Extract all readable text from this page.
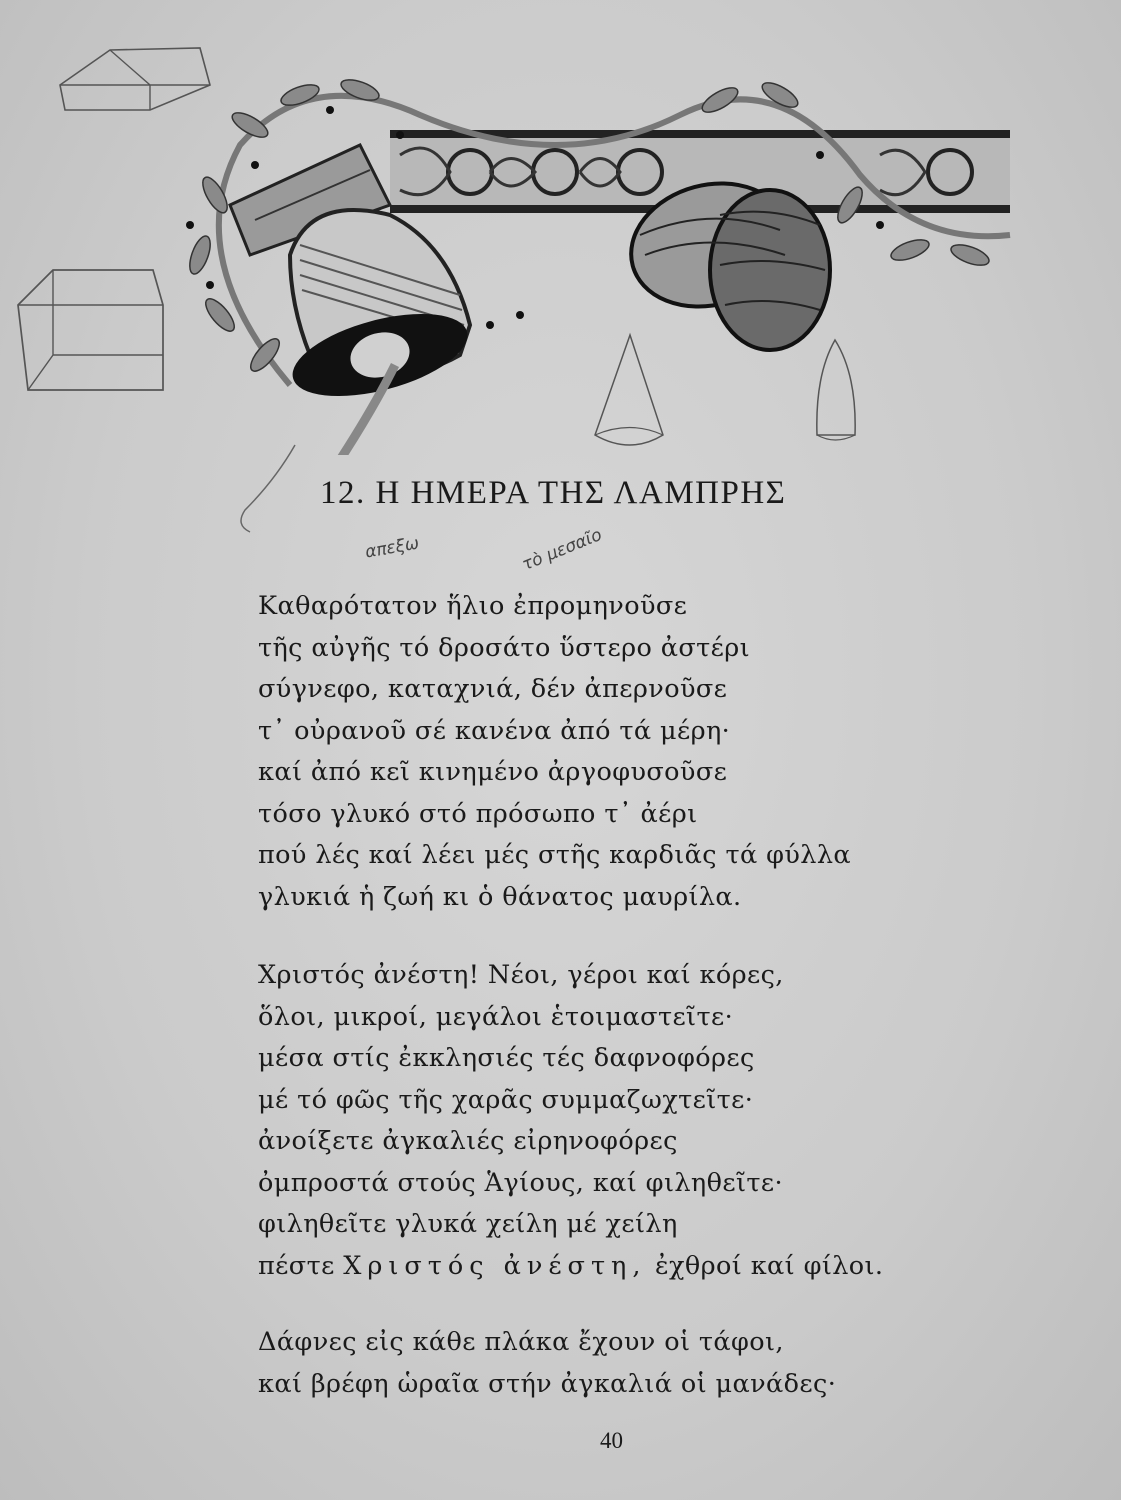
12. Η ΗΜΕΡΑ ΤΗΣ ΛΑΜΠΡΗΣ
απεξω	τὸ μεσαῖο
Καθαρότατον ἥλιο ἐπρομηνοῦσε
τῆς αὐγῆς τό δροσάτο ὕστερο ἀστέρι
σύγνεφο, καταχνιά, δέν ἀπερνοῦσε
τ᾽ οὐρανοῦ σέ κανένα ἀπό τά μέρη·
καί ἀπό κεῖ κινημένο ἀργοφυσοῦσε
τόσο γλυκό στό πρόσωπο τ᾽ ἀέρι
πού λές καί λέει μές στῆς καρδιᾶς τά φύλλα
γλυκιά ἡ ζωή κι ὁ θάνατος μαυρίλα.
Χριστός ἀνέστη! Νέοι, γέροι καί κόρες,
ὅλοι, μικροί, μεγάλοι ἑτοιμαστεῖτε·
μέσα στίς ἐκκλησιές τές δαφνοφόρες
μέ τό φῶς τῆς χαρᾶς συμμαζωχτεῖτε·
ἀνοίξετε ἀγκαλιές εἰρηνοφόρες
ὀμπροστά στούς Ἁγίους, καί φιληθεῖτε·
φιληθεῖτε γλυκά χείλη μέ χείλη
πέστε Χριστός ἀνέστη, ἐχθροί καί φίλοι.
Δάφνες εἰς κάθε πλάκα ἔχουν οἱ τάφοι,
καί βρέφη ὡραῖα στήν ἀγκαλιά οἱ μανάδες·
40
